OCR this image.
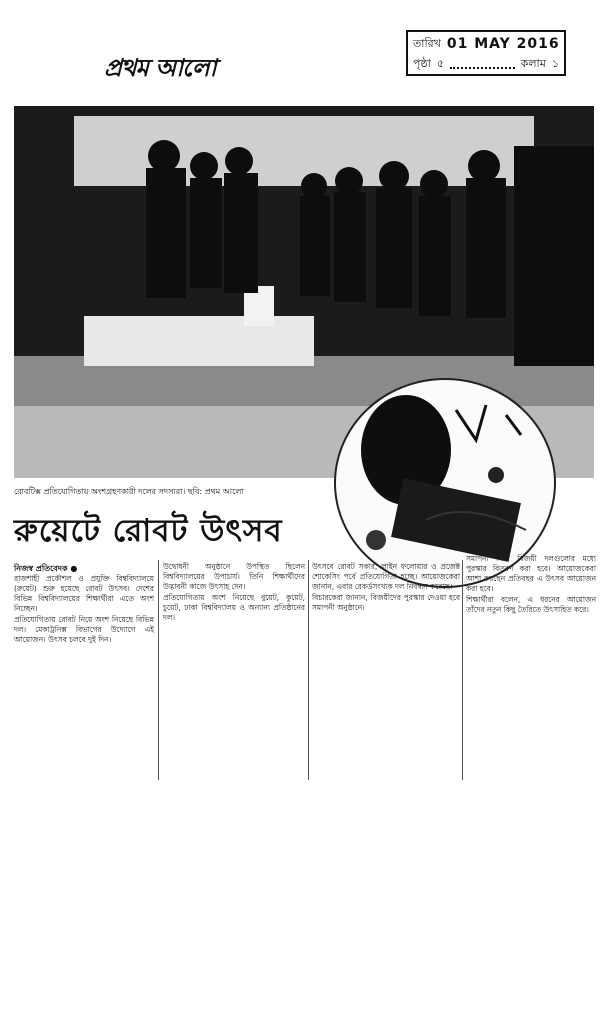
প্রথম আলো
তারিখ 01 MAY 2016
পৃষ্ঠা ৫	কলাম ১
রোবটিক্স প্রতিযোগিতায় অংশগ্রহণকারী দলের সদস্যরা। ছবি: প্রথম আলো
রুয়েটে রোবট উৎসব
নিজস্ব প্রতিবেদক ●

রাজশাহী প্রকৌশল ও প্রযুক্তি বিশ্ববিদ্যালয়ে (রুয়েট) শুরু হয়েছে রোবট উৎসব। দেশের বিভিন্ন বিশ্ববিদ্যালয়ের শিক্ষার্থীরা এতে অংশ নিচ্ছেন।

প্রতিযোগিতায় রোবট নিয়ে অংশ নিয়েছে বিভিন্ন দল। মেকাট্রনিক্স বিভাগের উদ্যোগে এই আয়োজন। উৎসব চলবে দুই দিন।

উদ্বোধনী অনুষ্ঠানে উপস্থিত ছিলেন বিশ্ববিদ্যালয়ের উপাচার্য। তিনি শিক্ষার্থীদের উদ্ভাবনী কাজে উৎসাহ দেন।

প্রতিযোগিতায় অংশ নিয়েছে বুয়েট, কুয়েট, চুয়েট, ঢাকা বিশ্ববিদ্যালয় ও অন্যান্য প্রতিষ্ঠানের দল।

উৎসবে রোবট সকার, লাইন ফলোয়ার ও প্রজেক্ট শোকেসিং পর্বে প্রতিযোগিতা হচ্ছে। আয়োজকেরা জানান, এবার রেকর্ডসংখ্যক দল নিবন্ধন করেছে।

বিচারকেরা জানান, বিজয়ীদের পুরস্কার দেওয়া হবে সমাপনী অনুষ্ঠানে।

সমাপনী দিনে বিজয়ী দলগুলোর মধ্যে পুরস্কার বিতরণ করা হবে। আয়োজকেরা আশা করছেন প্রতিবছর এ উৎসব আয়োজন করা হবে।

শিক্ষার্থীরা বলেন, এ ধরনের আয়োজন তাঁদের নতুন কিছু তৈরিতে উৎসাহিত করে।
